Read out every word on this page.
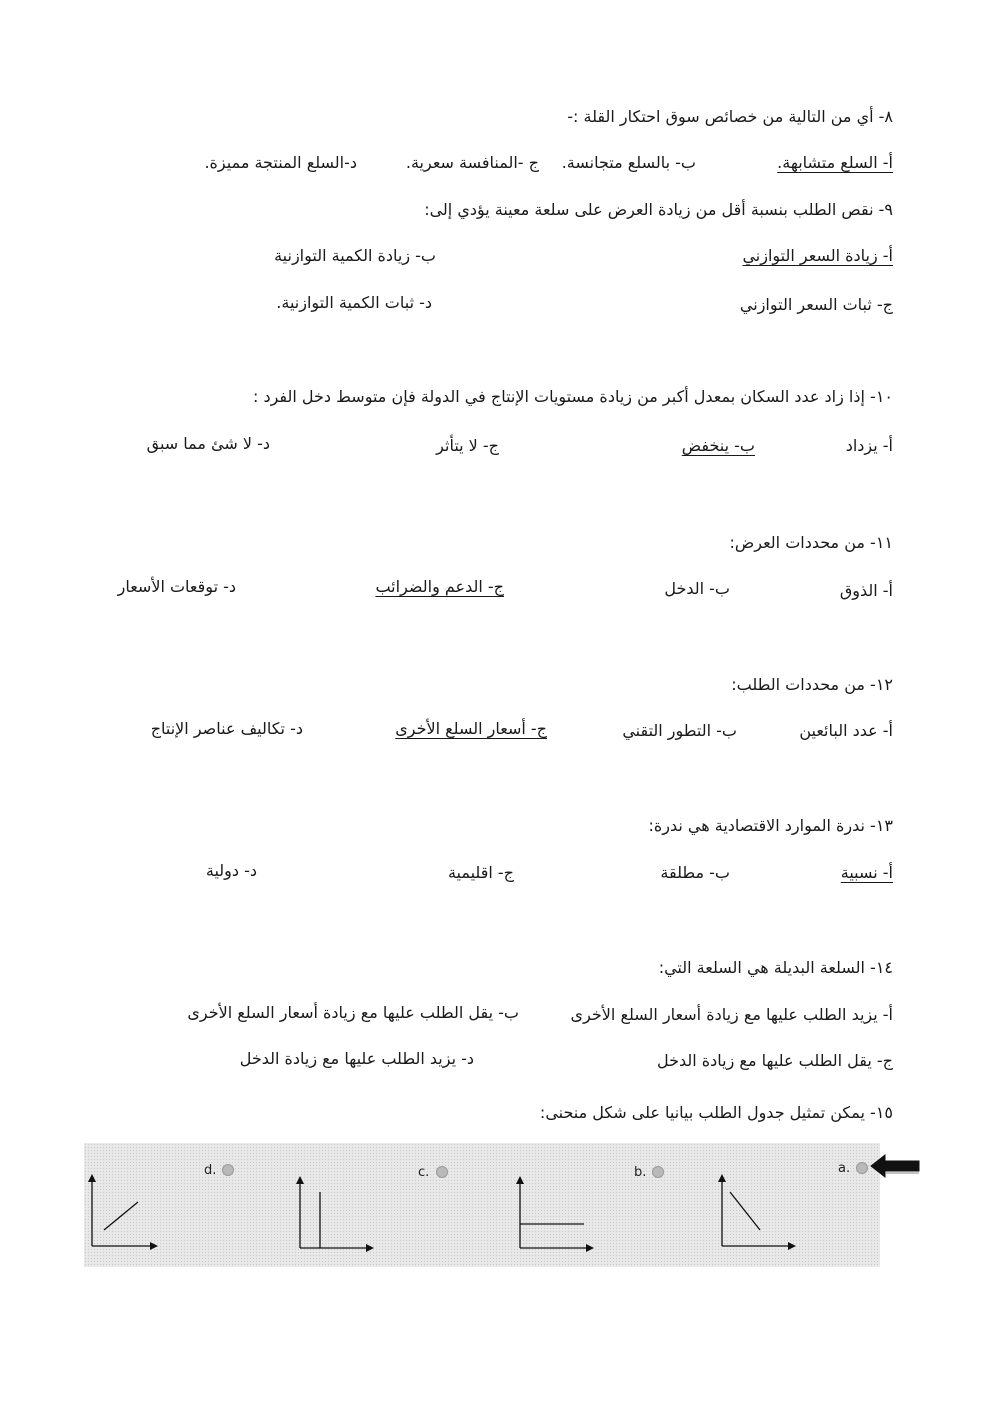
٨- أي من التالية من خصائص سوق احتكار القلة :-
أ- السلع متشابهة.
ب- بالسلع متجانسة.
ج -المنافسة سعرية.
د-السلع المنتجة مميزة.
٩- نقص الطلب بنسبة أقل من زيادة العرض على سلعة معينة يؤدي إلى:
أ- زيادة السعر التوازني
ب- زيادة الكمية التوازنية
ج- ثبات السعر التوازني
د- ثبات الكمية التوازنية.
١٠- إذا زاد عدد السكان بمعدل أكبر من زيادة مستويات الإنتاج في الدولة فإن متوسط دخل الفرد :
أ- يزداد
ب- ينخفض
ج- لا يتأثر
د- لا شئ مما سبق
١١- من محددات العرض:
أ- الذوق
ب- الدخل
ج- الدعم والضرائب
د- توقعات الأسعار
١٢- من محددات الطلب:
أ- عدد البائعين
ب- التطور التقني
ج- أسعار السلع الأخرى
د- تكاليف عناصر الإنتاج
١٣- ندرة الموارد الاقتصادية هي ندرة:
أ- نسبية
ب- مطلقة
ج- اقليمية
د- دولية
١٤- السلعة البديلة هي السلعة التي:
أ- يزيد الطلب عليها مع زيادة أسعار السلع الأخرى
ب- يقل الطلب عليها مع زيادة أسعار السلع الأخرى
ج- يقل الطلب عليها مع زيادة الدخل
د- يزيد الطلب عليها مع زيادة الدخل
١٥- يمكن تمثيل جدول الطلب بيانيا على شكل منحنى:
a.
b.
c.
d.
